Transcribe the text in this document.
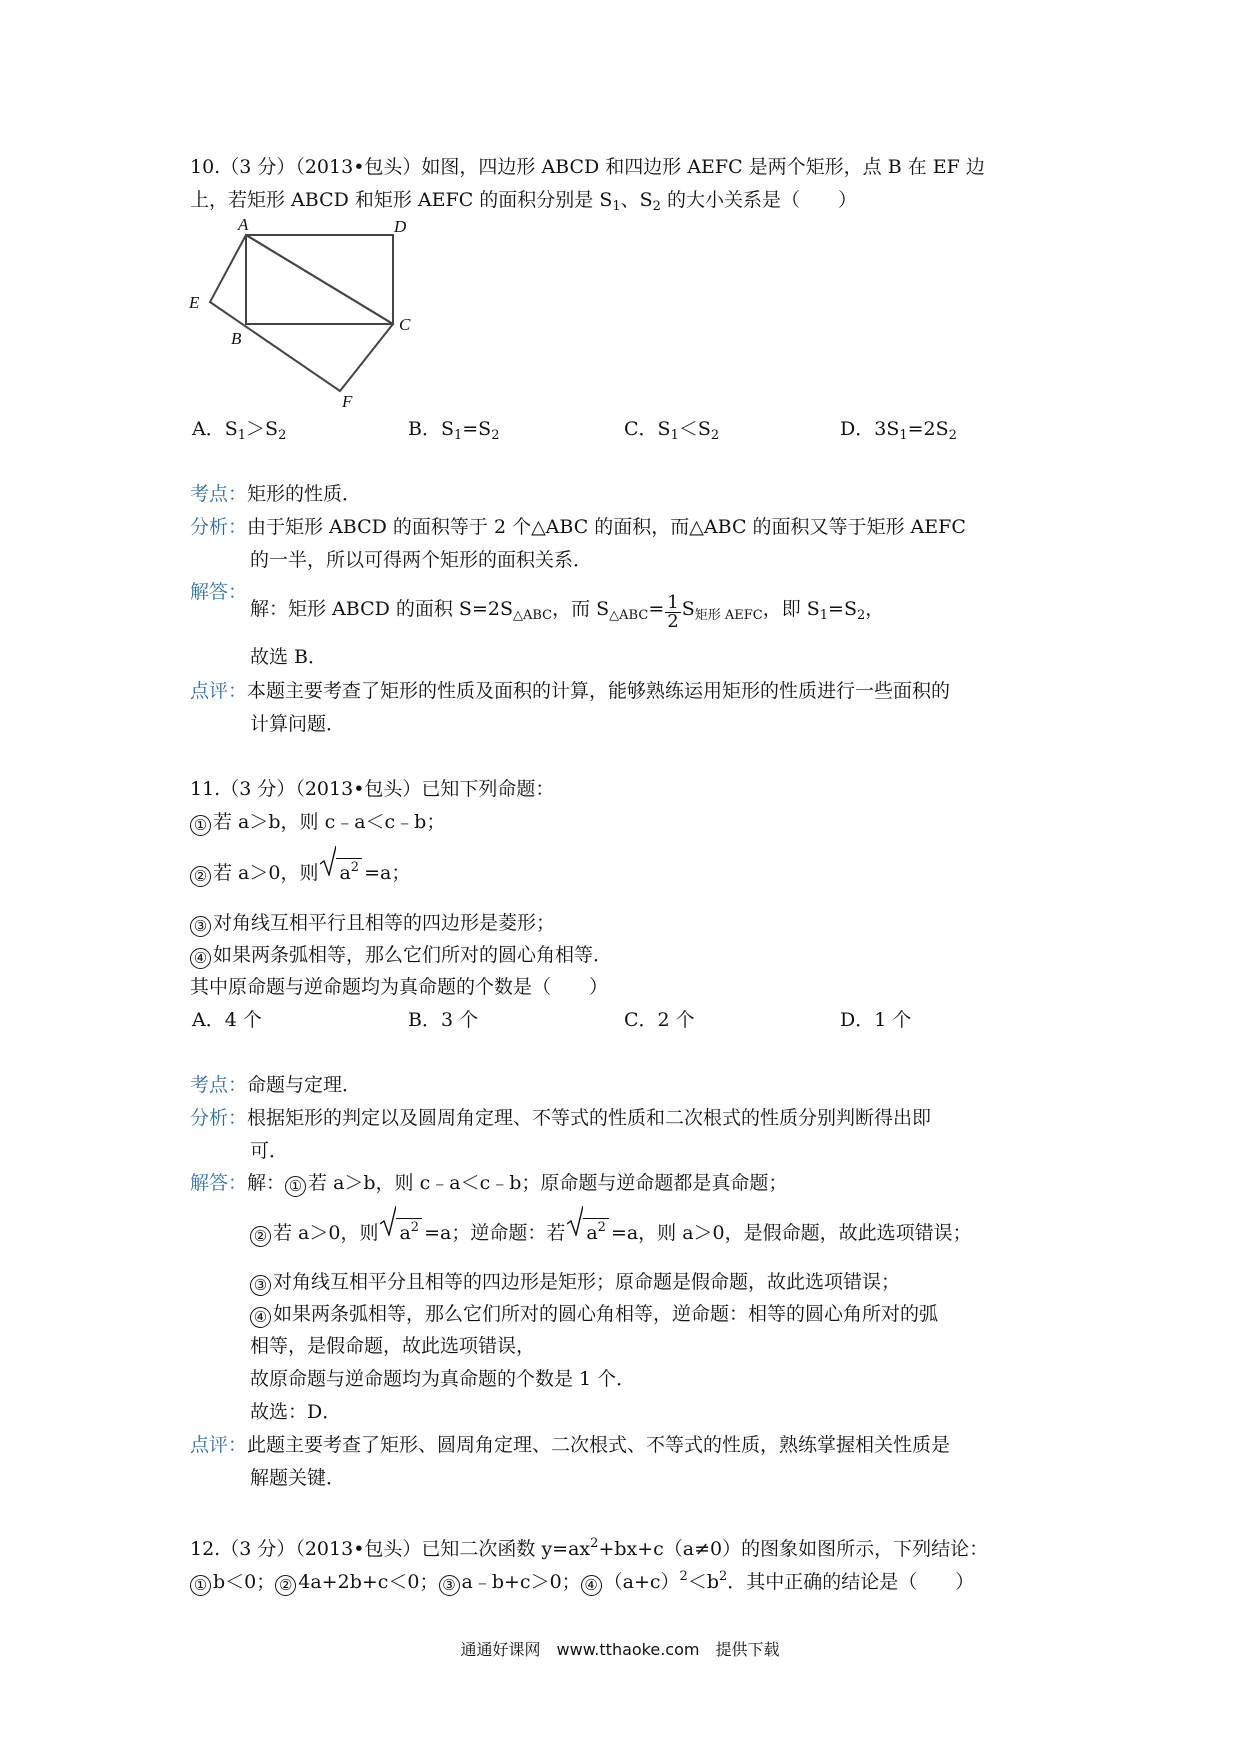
10.（3 分）（2013•包头）如图，四边形 ABCD 和四边形 AEFC 是两个矩形，点 B 在 EF 边
上，若矩形 ABCD 和矩形 AEFC 的面积分别是 $S_1$、$S_2$ 的大小关系是（　　）
A	D
E
B
C
F
A．$S_1>S_2$	B．$S_1=S_2$	C．$S_1<S_2$	D．$3S_1=2S_2$
考点：矩形的性质．
分析：由于矩形 ABCD 的面积等于 2 个△ABC 的面积，而△ABC 的面积又等于矩形 AEFC
的一半，所以可得两个矩形的面积关系．
解答：
解：矩形 ABCD 的面积 $S=2S_{\triangle ABC}$，而 $S_{\triangle ABC}= \frac{1}{2} S_{矩形 AEFC}$，即 $S_1=S_2$，
故选 B．
点评：本题主要考查了矩形的性质及面积的计算，能够熟练运用矩形的性质进行一些面积的
计算问题．
11.（3 分）（2013•包头）已知下列命题：
① 若 a＞b，则 c﹣a＜c﹣b；
② 若 a＞0，则 $a^2 =a$；
③ 对角线互相平行且相等的四边形是菱形；
④ 如果两条弧相等，那么它们所对的圆心角相等．
其中原命题与逆命题均为真命题的个数是（　　）
A．4 个	B．3 个	C．2 个	D．1 个
考点：命题与定理．
分析：根据矩形的判定以及圆周角定理、不等式的性质和二次根式的性质分别判断得出即
可．
解答：解： ① 若 a＞b，则 c﹣a＜c﹣b；原命题与逆命题都是真命题；
② 若 a＞0，则 $a^2 =a$；逆命题：若 $a^2 =a$，则 a＞0，是假命题，故此选项错误；
③ 对角线互相平分且相等的四边形是矩形；原命题是假命题，故此选项错误；
④ 如果两条弧相等，那么它们所对的圆心角相等，逆命题：相等的圆心角所对的弧
相等，是假命题，故此选项错误，
故原命题与逆命题均为真命题的个数是 1 个．
故选：D．
点评：此题主要考查了矩形、圆周角定理、二次根式、不等式的性质，熟练掌握相关性质是
解题关键．
12.（3 分）（2013•包头）已知二次函数 $y=ax^2+bx+c(a\ne 0)$的图象如图所示，下列结论：
① b＜0； ② 4a+2b+c＜0； ③ a﹣b+c＞0； ④ $(a+c)^2<b^2$．其中正确的结论是（　　）
通通好课网　www.tthaoke.com　提供下载
